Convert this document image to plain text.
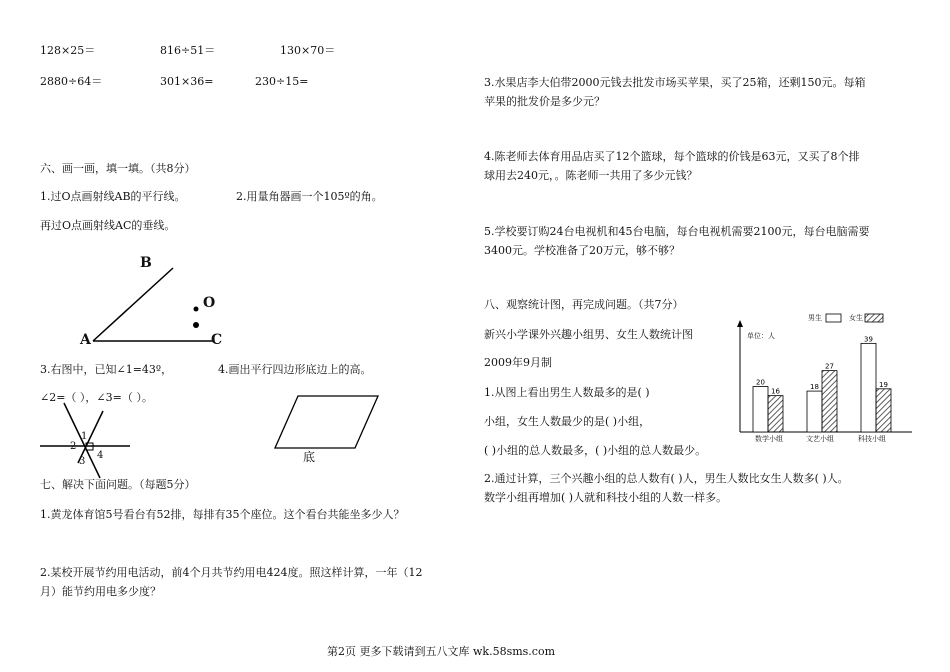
128×25＝	816÷51＝	130×70＝
2880÷64＝	301×36=	230÷15=
六、画一画，填一填。（共8分）
1.过O点画射线AB的平行线。	2.用量角器画一个105º的角。
再过O点画射线AC的垂线。
B
O
A	C
3.右图中，已知∠1=43º，	4.画出平行四边形底边上的高。
∠2=（ ），∠3=（ ）。
1
2
3
4	底
七、解决下面问题。（每题5分）
1.黄龙体育馆5号看台有52排，每排有35个座位。这个看台共能坐多少人？
2.某校开展节约用电活动，前4个月共节约用电424度。照这样计算，一年（12
月）能节约用电多少度？
3.水果店李大伯带2000元钱去批发市场买苹果，买了25箱，还剩150元。每箱
苹果的批发价是多少元？
4.陈老师去体育用品店买了12个篮球，每个篮球的价钱是63元，又买了8个排
球用去240元，。陈老师一共用了多少元钱？
5.学校要订购24台电视机和45台电脑，每台电视机需要2100元，每台电脑需要
3400元。学校准备了20万元，够不够？
八、观察统计图，再完成问题。（共7分）
新兴小学课外兴趣小组男、女生人数统计图
2009年9月制
1.从图上看出男生人数最多的是( )
小组，女生人数最少的是( )小组，
( )小组的总人数最多，( )小组的总人数最少。
2.通过计算，三个兴趣小组的总人数有( )人，男生人数比女生人数多( )人。
数学小组再增加( )人就和科技小组的人数一样多。
20
16
18
27
39
19
单位：人
男生	女生
数学小组	文艺小组	科技小组
第2页 更多下载请到五八文库 wk.58sms.com
